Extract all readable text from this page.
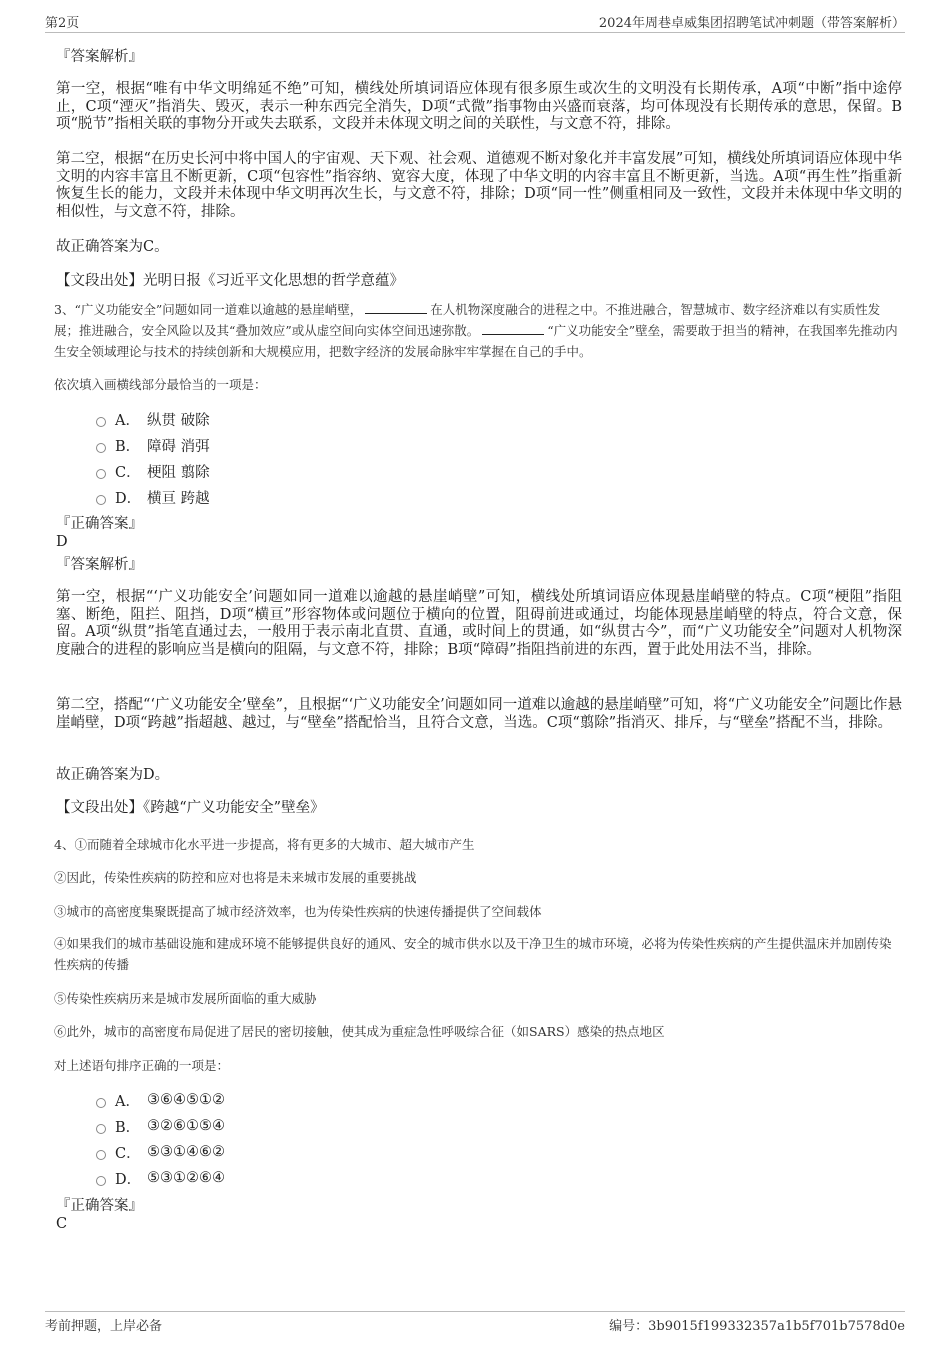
第2页	2024年周巷卓威集团招聘笔试冲刺题（带答案解析）
『答案解析』
第一空，根据“唯有中华文明绵延不绝”可知，横线处所填词语应体现有很多原生或次生的文明没有长期传承，A项“中断”指中途停止，C项“湮灭”指消失、毁灭，表示一种东西完全消失，D项“式微”指事物由兴盛而衰落，均可体现没有长期传承的意思，保留。B项“脱节”指相关联的事物分开或失去联系，文段并未体现文明之间的关联性，与文意不符，排除。
第二空，根据“在历史长河中将中国人的宇宙观、天下观、社会观、道德观不断对象化并丰富发展”可知，横线处所填词语应体现中华文明的内容丰富且不断更新，C项“包容性”指容纳、宽容大度，体现了中华文明的内容丰富且不断更新，当选。A项“再生性”指重新恢复生长的能力，文段并未体现中华文明再次生长，与文意不符，排除；D项“同一性”侧重相同及一致性，文段并未体现中华文明的相似性，与文意不符，排除。
故正确答案为C。
【文段出处】光明日报《习近平文化思想的哲学意蕴》
3、“广义功能安全”问题如同一道难以逾越的悬崖峭壁，	在人机物深度融合的进程之中。不推进融合，智慧城市、数字经济难以有实质性发展；推进融合，安全风险以及其“叠加效应”或从虚空间向实体空间迅速弥散。	“广义功能安全”壁垒，需要敢于担当的精神，在我国率先推动内生安全领域理论与技术的持续创新和大规模应用，把数字经济的发展命脉牢牢掌握在自己的手中。
依次填入画横线部分最恰当的一项是：
A． 纵贯 破除
B． 障碍 消弭
C． 梗阻 翦除
D． 横亘 跨越
『正确答案』
D
『答案解析』
第一空，根据“‘广义功能安全’问题如同一道难以逾越的悬崖峭壁”可知，横线处所填词语应体现悬崖峭壁的特点。C项“梗阻”指阻塞、断绝，阻拦、阻挡，D项“横亘”形容物体或问题位于横向的位置，阻碍前进或通过，均能体现悬崖峭壁的特点，符合文意，保留。A项“纵贯”指笔直通过去，一般用于表示南北直贯、直通，或时间上的贯通，如“纵贯古今”，而“广义功能安全”问题对人机物深度融合的进程的影响应当是横向的阻隔，与文意不符，排除；B项“障碍”指阻挡前进的东西，置于此处用法不当，排除。
第二空，搭配“‘广义功能安全’壁垒”，且根据“‘广义功能安全’问题如同一道难以逾越的悬崖峭壁”可知，将“广义功能安全”问题比作悬崖峭壁，D项“跨越”指超越、越过，与“壁垒”搭配恰当，且符合文意，当选。C项“翦除”指消灭、排斥，与“壁垒”搭配不当，排除。
故正确答案为D。
【文段出处】《跨越“广义功能安全”壁垒》
4、①而随着全球城市化水平进一步提高，将有更多的大城市、超大城市产生
②因此，传染性疾病的防控和应对也将是未来城市发展的重要挑战
③城市的高密度集聚既提高了城市经济效率，也为传染性疾病的快速传播提供了空间载体
④如果我们的城市基础设施和建成环境不能够提供良好的通风、安全的城市供水以及干净卫生的城市环境，必将为传染性疾病的产生提供温床并加剧传染性疾病的传播
⑤传染性疾病历来是城市发展所面临的重大威胁
⑥此外，城市的高密度布局促进了居民的密切接触，使其成为重症急性呼吸综合征（如SARS）感染的热点地区
对上述语句排序正确的一项是：
A． ③⑥④⑤①②
B． ③②⑥①⑤④
C． ⑤③①④⑥②
D． ⑤③①②⑥④
『正确答案』
C
考前押题，上岸必备	编号：3b9015f199332357a1b5f701b7578d0e
